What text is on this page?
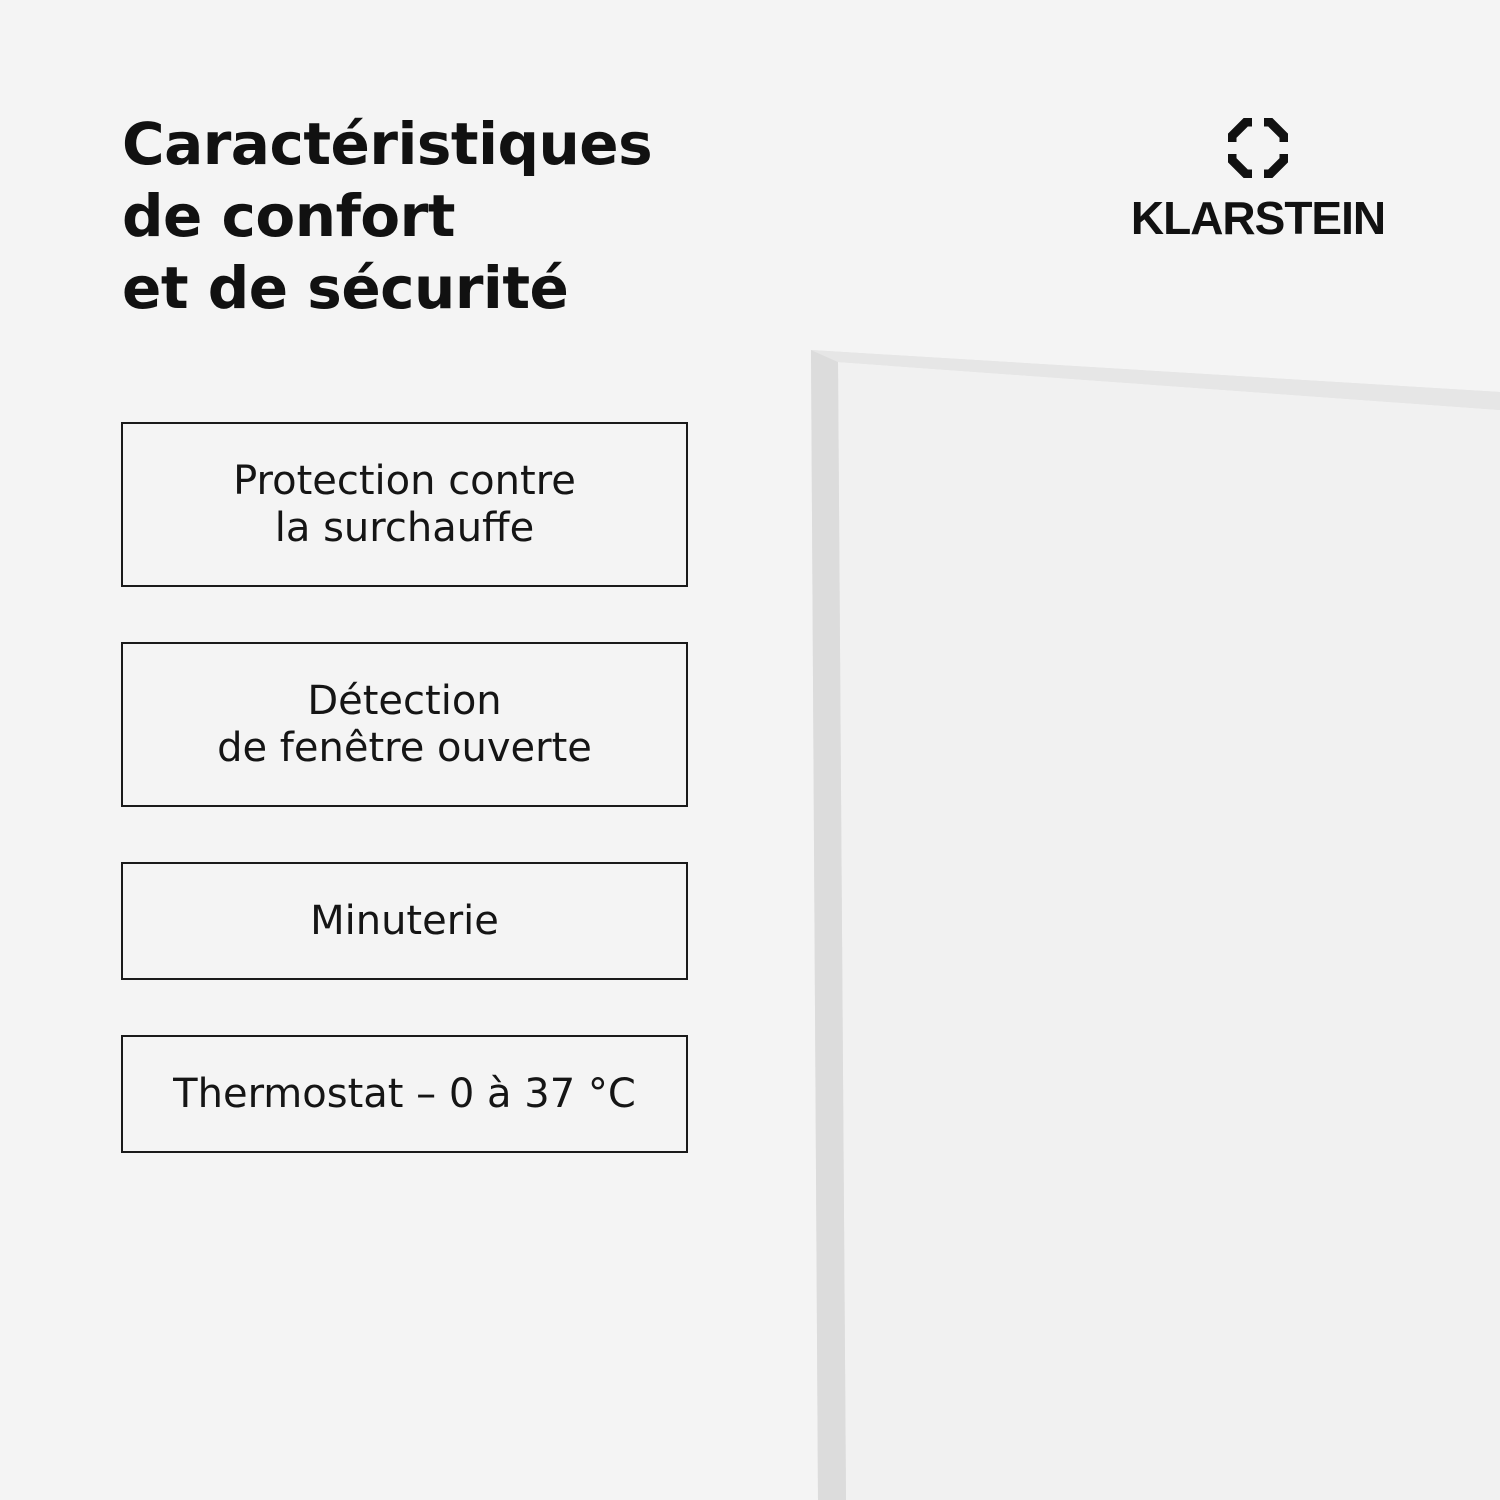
Caractéristiques
de confort
et de sécurité
KLARSTEIN
Protection contre
la surchauffe
Détection
de fenêtre ouverte
Minuterie
Thermostat – 0 à 37 °C
